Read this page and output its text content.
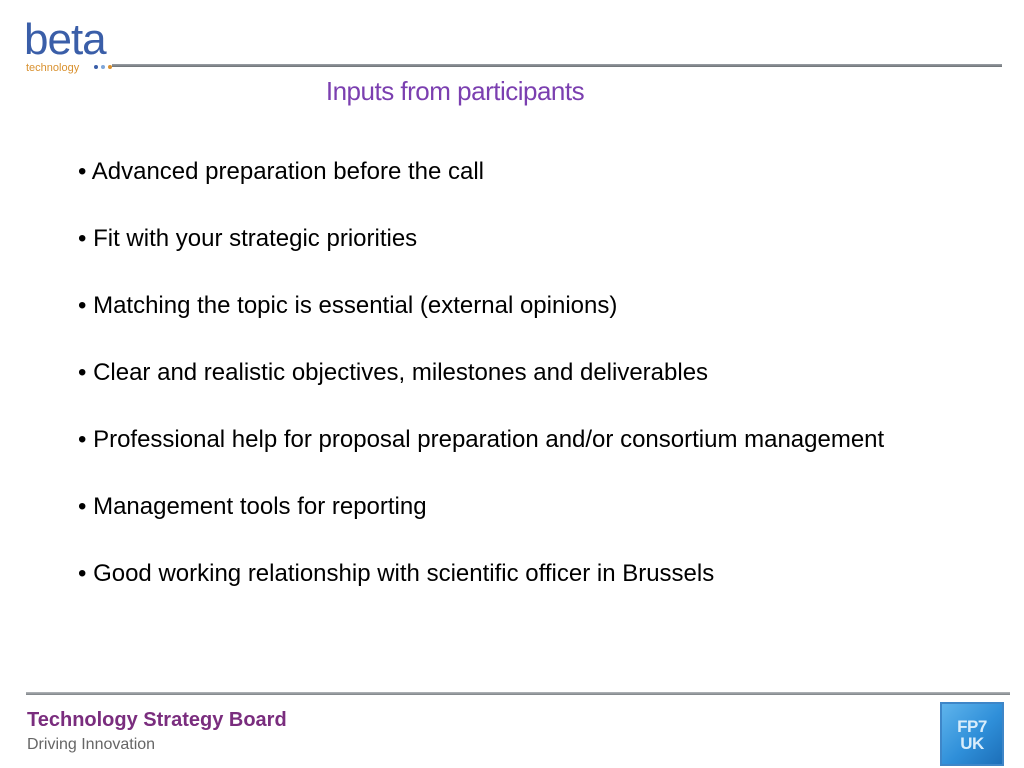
beta
technology
Inputs from participants
• Advanced preparation before the call
• Fit with your strategic priorities
• Matching the topic is essential (external opinions)
• Clear and realistic objectives, milestones and deliverables
• Professional help for proposal preparation and/or consortium management
• Management tools for reporting
• Good working relationship with scientific officer in Brussels
Technology Strategy Board
Driving Innovation
FP7
UK
